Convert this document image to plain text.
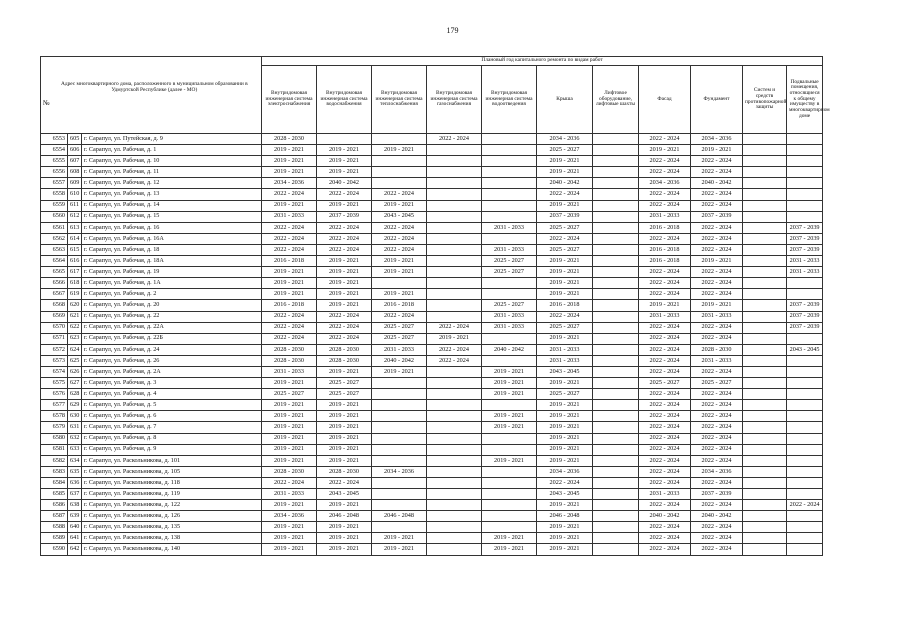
179
№
Адрес многоквартирного дома, расположенного в муниципальном образовании в Удмуртской Республике (далее - МО)			Плановый год капитального ремонта по видам работ										
			Внутридомовая инженерная система электроснабжения	Внутридомовая инженерная система водоснабжения	Внутридомовая инженерная система теплоснабжения	Внутридомовая инженерная система газоснабжения	Внутридомовая инженерная система водоотведения	Крыша	Лифтовое оборудование, лифтовые шахты	Фасад	Фундамент	Систем и средств противопожарной защиты	Подвальные помещения, относящиеся к общему имуществу в многоквартирном доме
6553	605	г. Сарапул, ул. Путейская, д. 9	2028 - 2030			2022 - 2024		2034 - 2036		2022 - 2024	2034 - 2036		
6554	606	г. Сарапул, ул. Рабочая, д. 1	2019 - 2021	2019 - 2021	2019 - 2021			2025 - 2027		2019 - 2021	2019 - 2021		
6555	607	г. Сарапул, ул. Рабочая, д. 10	2019 - 2021	2019 - 2021				2019 - 2021		2022 - 2024	2022 - 2024		
6556	608	г. Сарапул, ул. Рабочая, д. 11	2019 - 2021	2019 - 2021				2019 - 2021		2022 - 2024	2022 - 2024		
6557	609	г. Сарапул, ул. Рабочая, д. 12	2034 - 2036	2040 - 2042				2040 - 2042		2034 - 2036	2040 - 2042		
6558	610	г. Сарапул, ул. Рабочая, д. 13	2022 - 2024	2022 - 2024	2022 - 2024			2022 - 2024		2022 - 2024	2022 - 2024		
6559	611	г. Сарапул, ул. Рабочая, д. 14	2019 - 2021	2019 - 2021	2019 - 2021			2019 - 2021		2022 - 2024	2022 - 2024		
6560	612	г. Сарапул, ул. Рабочая, д. 15	2031 - 2033	2037 - 2039	2043 - 2045			2037 - 2039		2031 - 2033	2037 - 2039		
6561	613	г. Сарапул, ул. Рабочая, д. 16	2022 - 2024	2022 - 2024	2022 - 2024		2031 - 2033	2025 - 2027		2016 - 2018	2022 - 2024		2037 - 2039
6562	614	г. Сарапул, ул. Рабочая, д. 16А	2022 - 2024	2022 - 2024	2022 - 2024			2022 - 2024		2022 - 2024	2022 - 2024		2037 - 2039
6563	615	г. Сарапул, ул. Рабочая, д. 18	2022 - 2024	2022 - 2024	2022 - 2024		2031 - 2033	2025 - 2027		2016 - 2018	2022 - 2024		2037 - 2039
6564	616	г. Сарапул, ул. Рабочая, д. 18А	2016 - 2018	2019 - 2021	2019 - 2021		2025 - 2027	2019 - 2021		2016 - 2018	2019 - 2021		2031 - 2033
6565	617	г. Сарапул, ул. Рабочая, д. 19	2019 - 2021	2019 - 2021	2019 - 2021		2025 - 2027	2019 - 2021		2022 - 2024	2022 - 2024		2031 - 2033
6566	618	г. Сарапул, ул. Рабочая, д. 1А	2019 - 2021	2019 - 2021				2019 - 2021		2022 - 2024	2022 - 2024		
6567	619	г. Сарапул, ул. Рабочая, д. 2	2019 - 2021	2019 - 2021	2019 - 2021			2019 - 2021		2022 - 2024	2022 - 2024		
6568	620	г. Сарапул, ул. Рабочая, д. 20	2016 - 2018	2019 - 2021	2016 - 2018		2025 - 2027	2016 - 2018		2019 - 2021	2019 - 2021		2037 - 2039
6569	621	г. Сарапул, ул. Рабочая, д. 22	2022 - 2024	2022 - 2024	2022 - 2024		2031 - 2033	2022 - 2024		2031 - 2033	2031 - 2033		2037 - 2039
6570	622	г. Сарапул, ул. Рабочая, д. 22А	2022 - 2024	2022 - 2024	2025 - 2027	2022 - 2024	2031 - 2033	2025 - 2027		2022 - 2024	2022 - 2024		2037 - 2039
6571	623	г. Сарапул, ул. Рабочая, д. 22Б	2022 - 2024	2022 - 2024	2025 - 2027	2019 - 2021		2019 - 2021		2022 - 2024	2022 - 2024		
6572	624	г. Сарапул, ул. Рабочая, д. 24	2028 - 2030	2028 - 2030	2031 - 2033	2022 - 2024	2040 - 2042	2031 - 2033		2022 - 2024	2028 - 2030		2043 - 2045
6573	625	г. Сарапул, ул. Рабочая, д. 26	2028 - 2030	2028 - 2030	2040 - 2042	2022 - 2024		2031 - 2033		2022 - 2024	2031 - 2033		
6574	626	г. Сарапул, ул. Рабочая, д. 2А	2031 - 2033	2019 - 2021	2019 - 2021		2019 - 2021	2043 - 2045		2022 - 2024	2022 - 2024		
6575	627	г. Сарапул, ул. Рабочая, д. 3	2019 - 2021	2025 - 2027			2019 - 2021	2019 - 2021		2025 - 2027	2025 - 2027		
6576	628	г. Сарапул, ул. Рабочая, д. 4	2025 - 2027	2025 - 2027			2019 - 2021	2025 - 2027		2022 - 2024	2022 - 2024		
6577	629	г. Сарапул, ул. Рабочая, д. 5	2019 - 2021	2019 - 2021				2019 - 2021		2022 - 2024	2022 - 2024		
6578	630	г. Сарапул, ул. Рабочая, д. 6	2019 - 2021	2019 - 2021			2019 - 2021	2019 - 2021		2022 - 2024	2022 - 2024		
6579	631	г. Сарапул, ул. Рабочая, д. 7	2019 - 2021	2019 - 2021			2019 - 2021	2019 - 2021		2022 - 2024	2022 - 2024		
6580	632	г. Сарапул, ул. Рабочая, д. 8	2019 - 2021	2019 - 2021				2019 - 2021		2022 - 2024	2022 - 2024		
6581	633	г. Сарапул, ул. Рабочая, д. 9	2019 - 2021	2019 - 2021				2019 - 2021		2022 - 2024	2022 - 2024		
6582	634	г. Сарапул, ул. Раскольникова, д. 101	2019 - 2021	2019 - 2021			2019 - 2021	2019 - 2021		2022 - 2024	2022 - 2024		
6583	635	г. Сарапул, ул. Раскольникова, д. 105	2028 - 2030	2028 - 2030	2034 - 2036			2034 - 2036		2022 - 2024	2034 - 2036		
6584	636	г. Сарапул, ул. Раскольникова, д. 118	2022 - 2024	2022 - 2024				2022 - 2024		2022 - 2024	2022 - 2024		
6585	637	г. Сарапул, ул. Раскольникова, д. 119	2031 - 2033	2043 - 2045				2043 - 2045		2031 - 2033	2037 - 2039		
6586	638	г. Сарапул, ул. Раскольникова, д. 122	2019 - 2021	2019 - 2021				2019 - 2021		2022 - 2024	2022 - 2024		2022 - 2024
6587	639	г. Сарапул, ул. Раскольникова, д. 126	2034 - 2036	2046 - 2048	2046 - 2048			2046 - 2048		2040 - 2042	2040 - 2042		
6588	640	г. Сарапул, ул. Раскольникова, д. 135	2019 - 2021	2019 - 2021				2019 - 2021		2022 - 2024	2022 - 2024		
6589	641	г. Сарапул, ул. Раскольникова, д. 138	2019 - 2021	2019 - 2021	2019 - 2021		2019 - 2021	2019 - 2021		2022 - 2024	2022 - 2024		
6590	642	г. Сарапул, ул. Раскольникова, д. 140	2019 - 2021	2019 - 2021	2019 - 2021		2019 - 2021	2019 - 2021		2022 - 2024	2022 - 2024		
